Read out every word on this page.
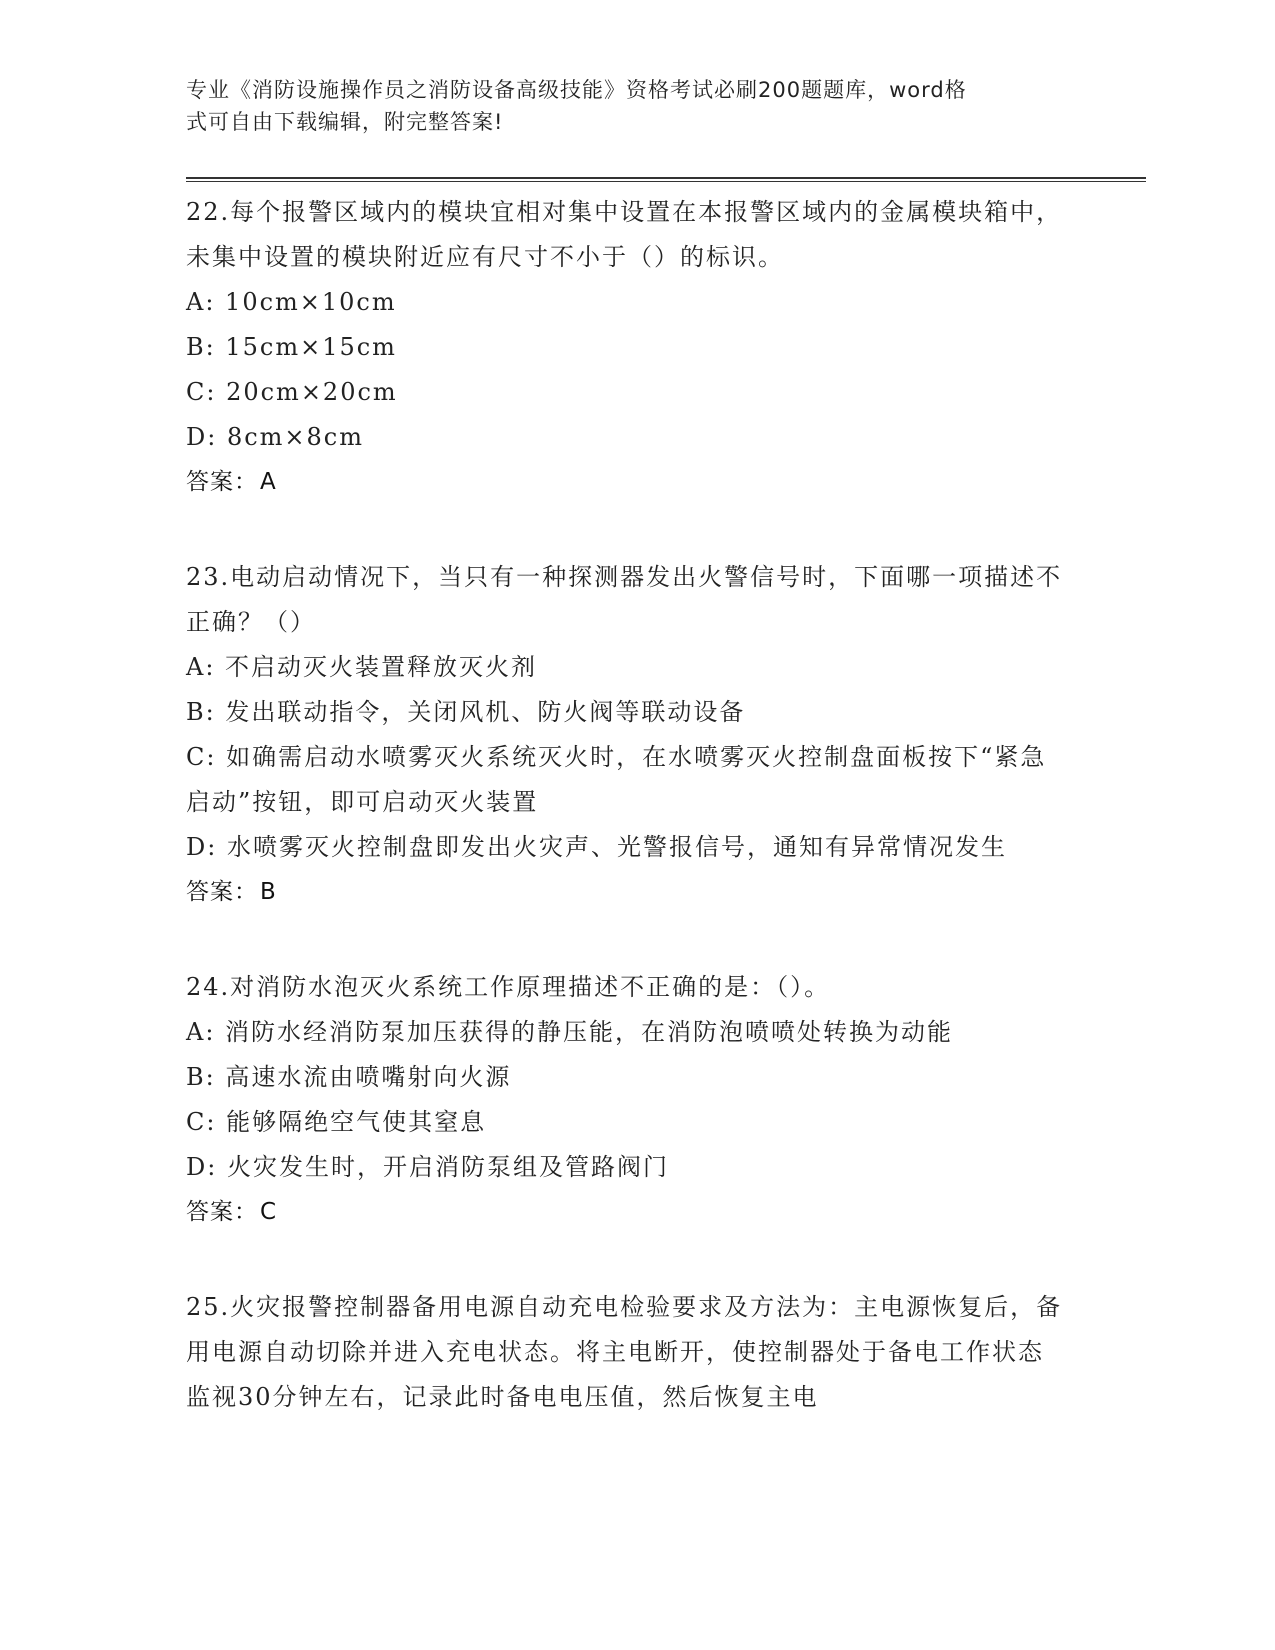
专业《消防设施操作员之消防设备高级技能》资格考试必刷200题题库，word格
式可自由下载编辑，附完整答案!
22.每个报警区域内的模块宜相对集中设置在本报警区域内的金属模块箱中，未集中设置的模块附近应有尺寸不小于（）的标识。
A: 10cm×10cm
B: 15cm×15cm
C: 20cm×20cm
D: 8cm×8cm
答案：A
23.电动启动情况下，当只有一种探测器发出火警信号时，下面哪一项描述不正确？（）
A: 不启动灭火装置释放灭火剂
B: 发出联动指令，关闭风机、防火阀等联动设备
C: 如确需启动水喷雾灭火系统灭火时，在水喷雾灭火控制盘面板按下“紧急启动”按钮，即可启动灭火装置
D: 水喷雾灭火控制盘即发出火灾声、光警报信号，通知有异常情况发生
答案：B
24.对消防水泡灭火系统工作原理描述不正确的是：（）。
A: 消防水经消防泵加压获得的静压能，在消防泡喷喷处转换为动能
B: 高速水流由喷嘴射向火源
C: 能够隔绝空气使其窒息
D: 火灾发生时，开启消防泵组及管路阀门
答案：C
25.火灾报警控制器备用电源自动充电检验要求及方法为：主电源恢复后，备用电源自动切除并进入充电状态。将主电断开，使控制器处于备电工作状态监视30分钟左右，记录此时备电电压值，然后恢复主电
